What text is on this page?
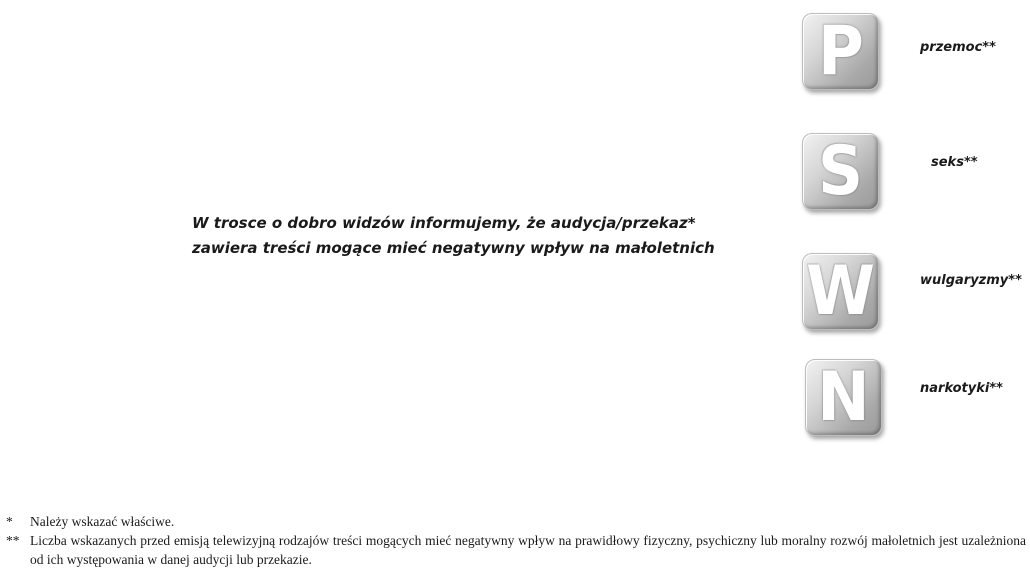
W trosce o dobro widzów informujemy, że audycja/przekaz*
zawiera treści mogące mieć negatywny wpływ na małoletnich
P	przemoc**
S	seks**
W	wulgaryzmy**
N	narkotyki**
*	Należy wskazać właściwe.
** Liczba wskazanych przed emisją telewizyjną rodzajów treści mogących mieć negatywny wpływ na prawidłowy fizyczny, psychiczny lub moralny rozwój małoletnich jest uzależniona od ich występowania w danej audycji lub przekazie.
